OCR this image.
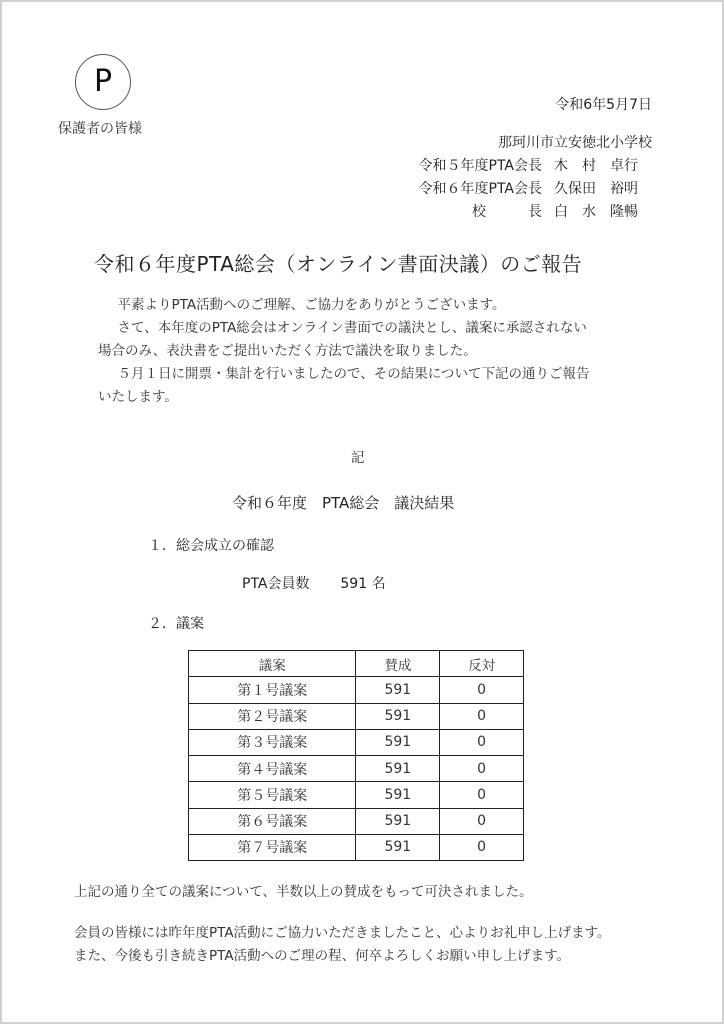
P
保護者の皆様
令和6年5月7日
那珂川市立安徳北小学校
令和５年度PTA会長 木　村　卓行
令和６年度PTA会長 久保田　裕明
校　　　長 白　水　隆暢
令和６年度PTA総会（オンライン書面決議）のご報告

　平素よりPTA活動へのご理解、ご協力をありがとうございます。

　さて、本年度のPTA総会はオンライン書面での議決とし、議案に承認されない

場合のみ、表決書をご提出いただく方法で議決を取りました。

　５月１日に開票・集計を行いましたので、その結果について下記の通りご報告

いたします。

記
令和６年度　PTA総会　議決結果
１．総会成立の確認
PTA会員数 591 名
２．議案
議案	賛成	反対
第１号議案	591	0
第２号議案	591	0
第３号議案	591	0
第４号議案	591	0
第５号議案	591	0
第６号議案	591	0
第７号議案	591	0
上記の通り全ての議案について、半数以上の賛成をもって可決されました。

会員の皆様には昨年度PTA活動にご協力いただきましたこと、心よりお礼申し上げます。

また、今後も引き続きPTA活動へのご理の程、何卒よろしくお願い申し上げます。
